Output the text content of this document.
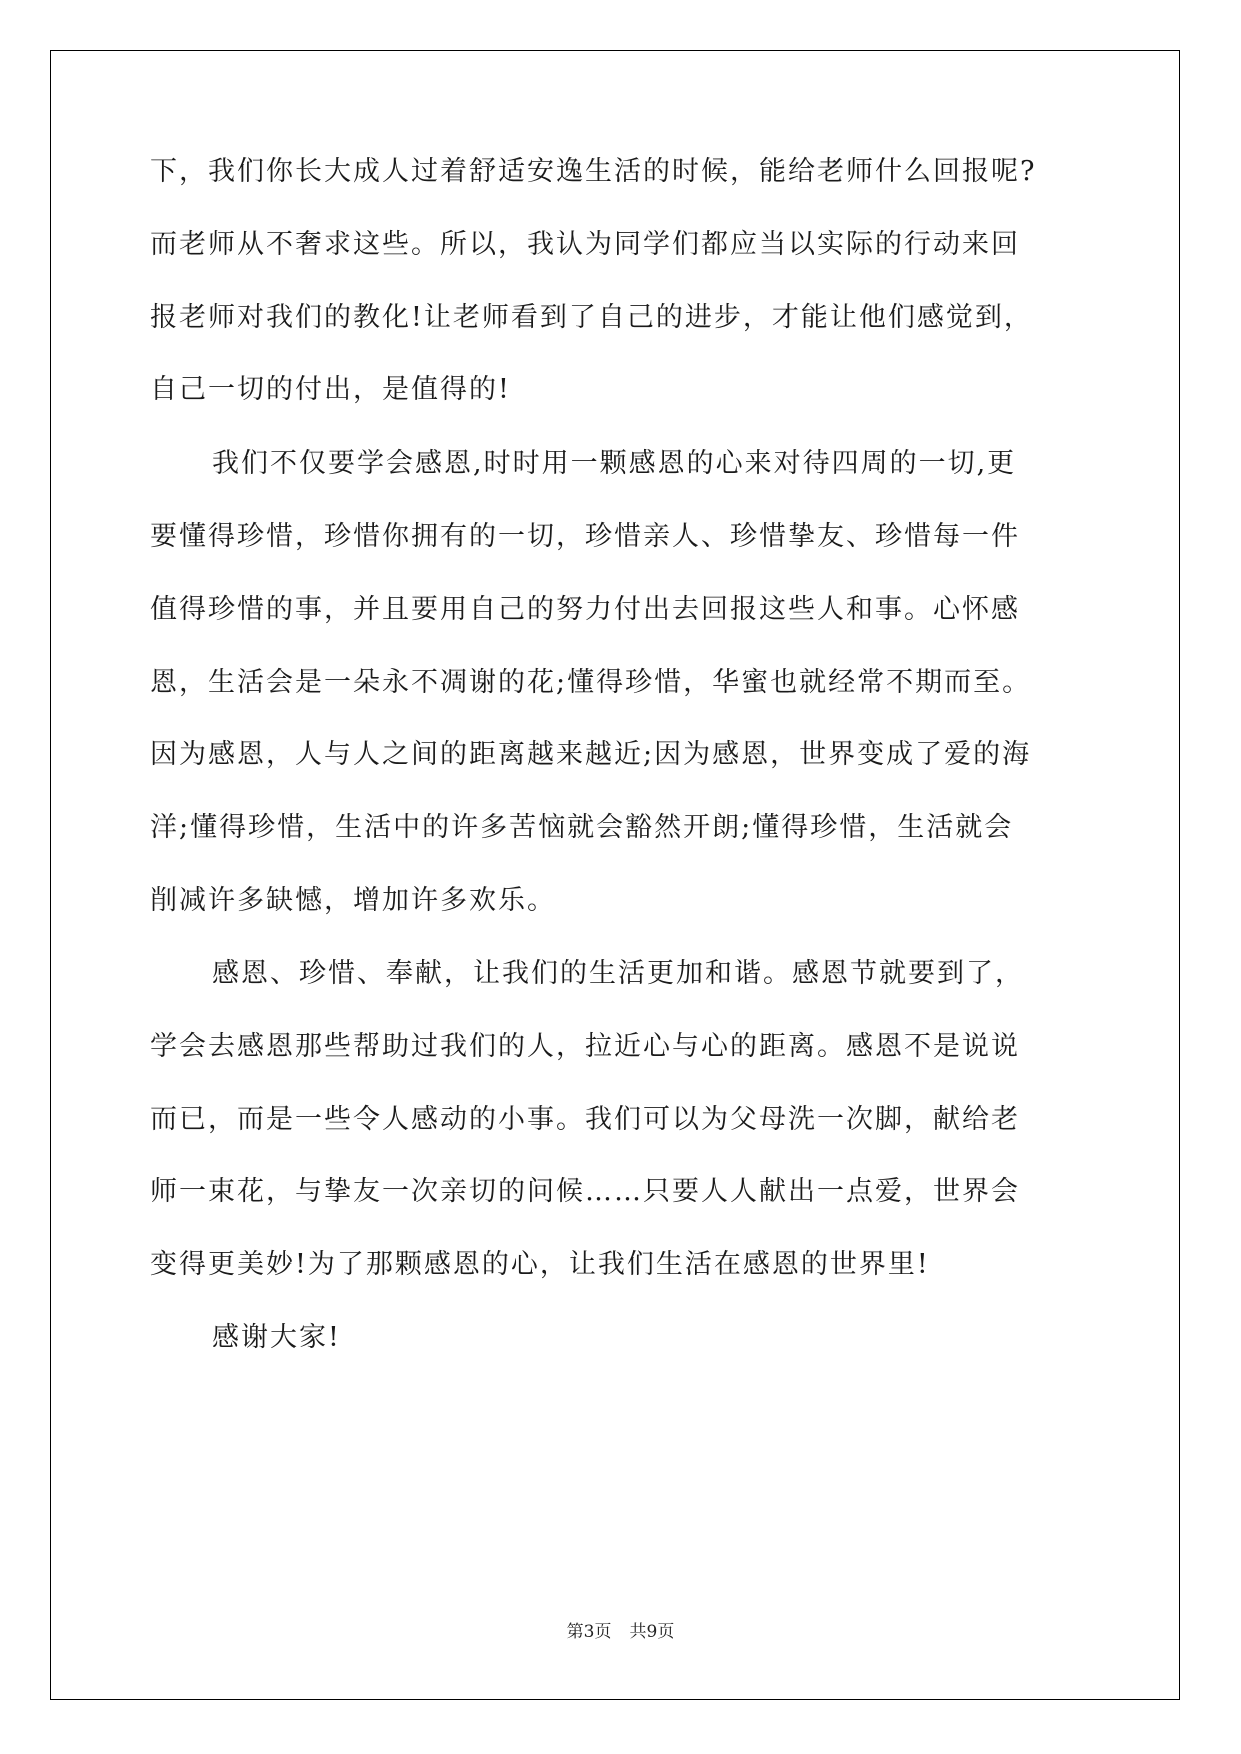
下，我们你长大成人过着舒适安逸生活的时候，能给老师什么回报呢?
而老师从不奢求这些。所以，我认为同学们都应当以实际的行动来回
报老师对我们的教化!让老师看到了自己的进步，才能让他们感觉到，
自己一切的付出，是值得的!
我们不仅要学会感恩,时时用一颗感恩的心来对待四周的一切,更
要懂得珍惜，珍惜你拥有的一切，珍惜亲人、珍惜挚友、珍惜每一件
值得珍惜的事，并且要用自己的努力付出去回报这些人和事。心怀感
恩，生活会是一朵永不凋谢的花;懂得珍惜，华蜜也就经常不期而至。
因为感恩，人与人之间的距离越来越近;因为感恩，世界变成了爱的海
洋;懂得珍惜，生活中的许多苦恼就会豁然开朗;懂得珍惜，生活就会
削减许多缺憾，增加许多欢乐。
感恩、珍惜、奉献，让我们的生活更加和谐。感恩节就要到了，
学会去感恩那些帮助过我们的人，拉近心与心的距离。感恩不是说说
而已，而是一些令人感动的小事。我们可以为父母洗一次脚，献给老
师一束花，与挚友一次亲切的问候……只要人人献出一点爱，世界会
变得更美妙!为了那颗感恩的心，让我们生活在感恩的世界里!
感谢大家!
第3页 共9页
